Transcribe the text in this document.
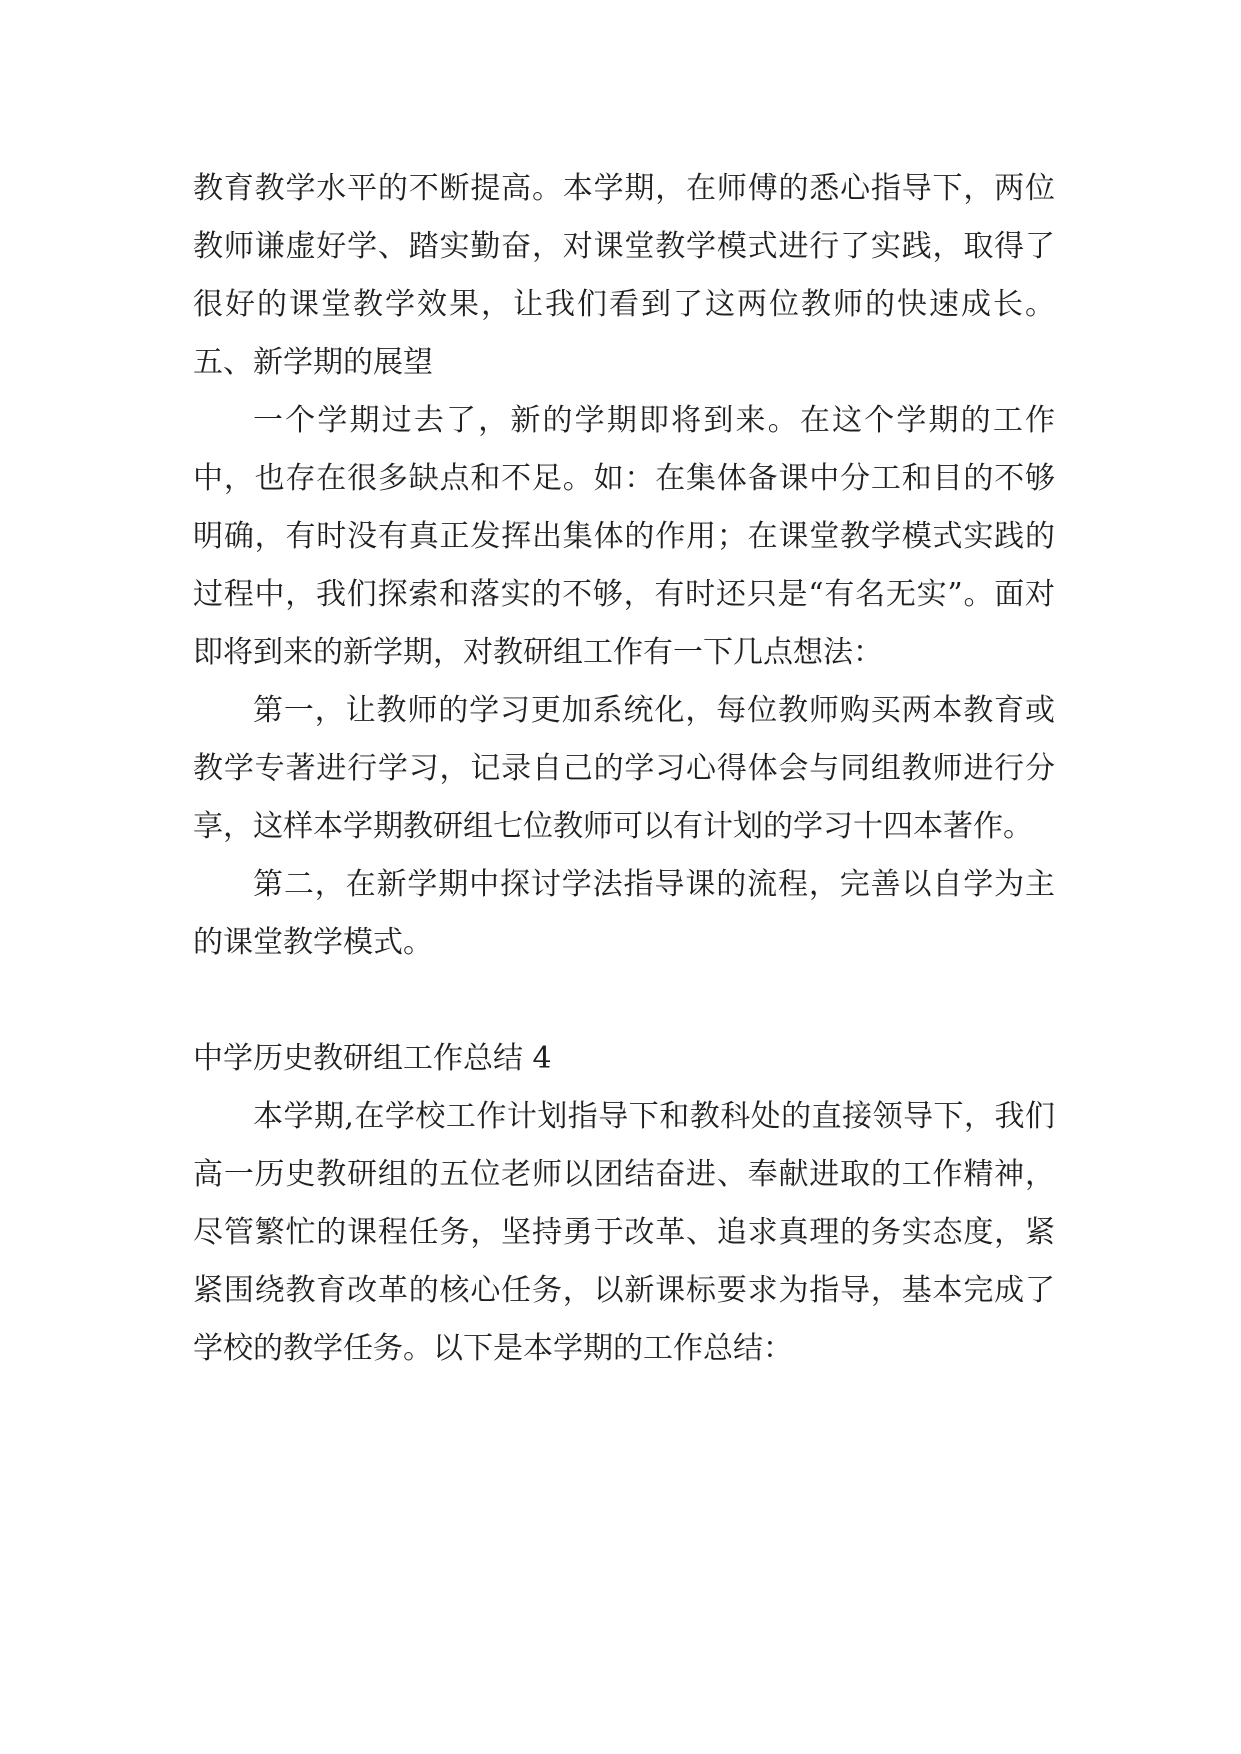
教育教学水平的不断提高。本学期，在师傅的悉心指导下，两位教师谦虚好学、踏实勤奋，对课堂教学模式进行了实践，取得了很好的课堂教学效果，让我们看到了这两位教师的快速成长。五、新学期的展望

一个学期过去了，新的学期即将到来。在这个学期的工作中，也存在很多缺点和不足。如：在集体备课中分工和目的不够明确，有时没有真正发挥出集体的作用；在课堂教学模式实践的过程中，我们探索和落实的不够，有时还只是“有名无实”。面对即将到来的新学期，对教研组工作有一下几点想法：

第一，让教师的学习更加系统化，每位教师购买两本教育或教学专著进行学习，记录自己的学习心得体会与同组教师进行分享，这样本学期教研组七位教师可以有计划的学习十四本著作。

第二，在新学期中探讨学法指导课的流程，完善以自学为主的课堂教学模式。

中学历史教研组工作总结 4

本学期,在学校工作计划指导下和教科处的直接领导下，我们高一历史教研组的五位老师以团结奋进、奉献进取的工作精神，尽管繁忙的课程任务，坚持勇于改革、追求真理的务实态度，紧紧围绕教育改革的核心任务，以新课标要求为指导，基本完成了学校的教学任务。以下是本学期的工作总结：
